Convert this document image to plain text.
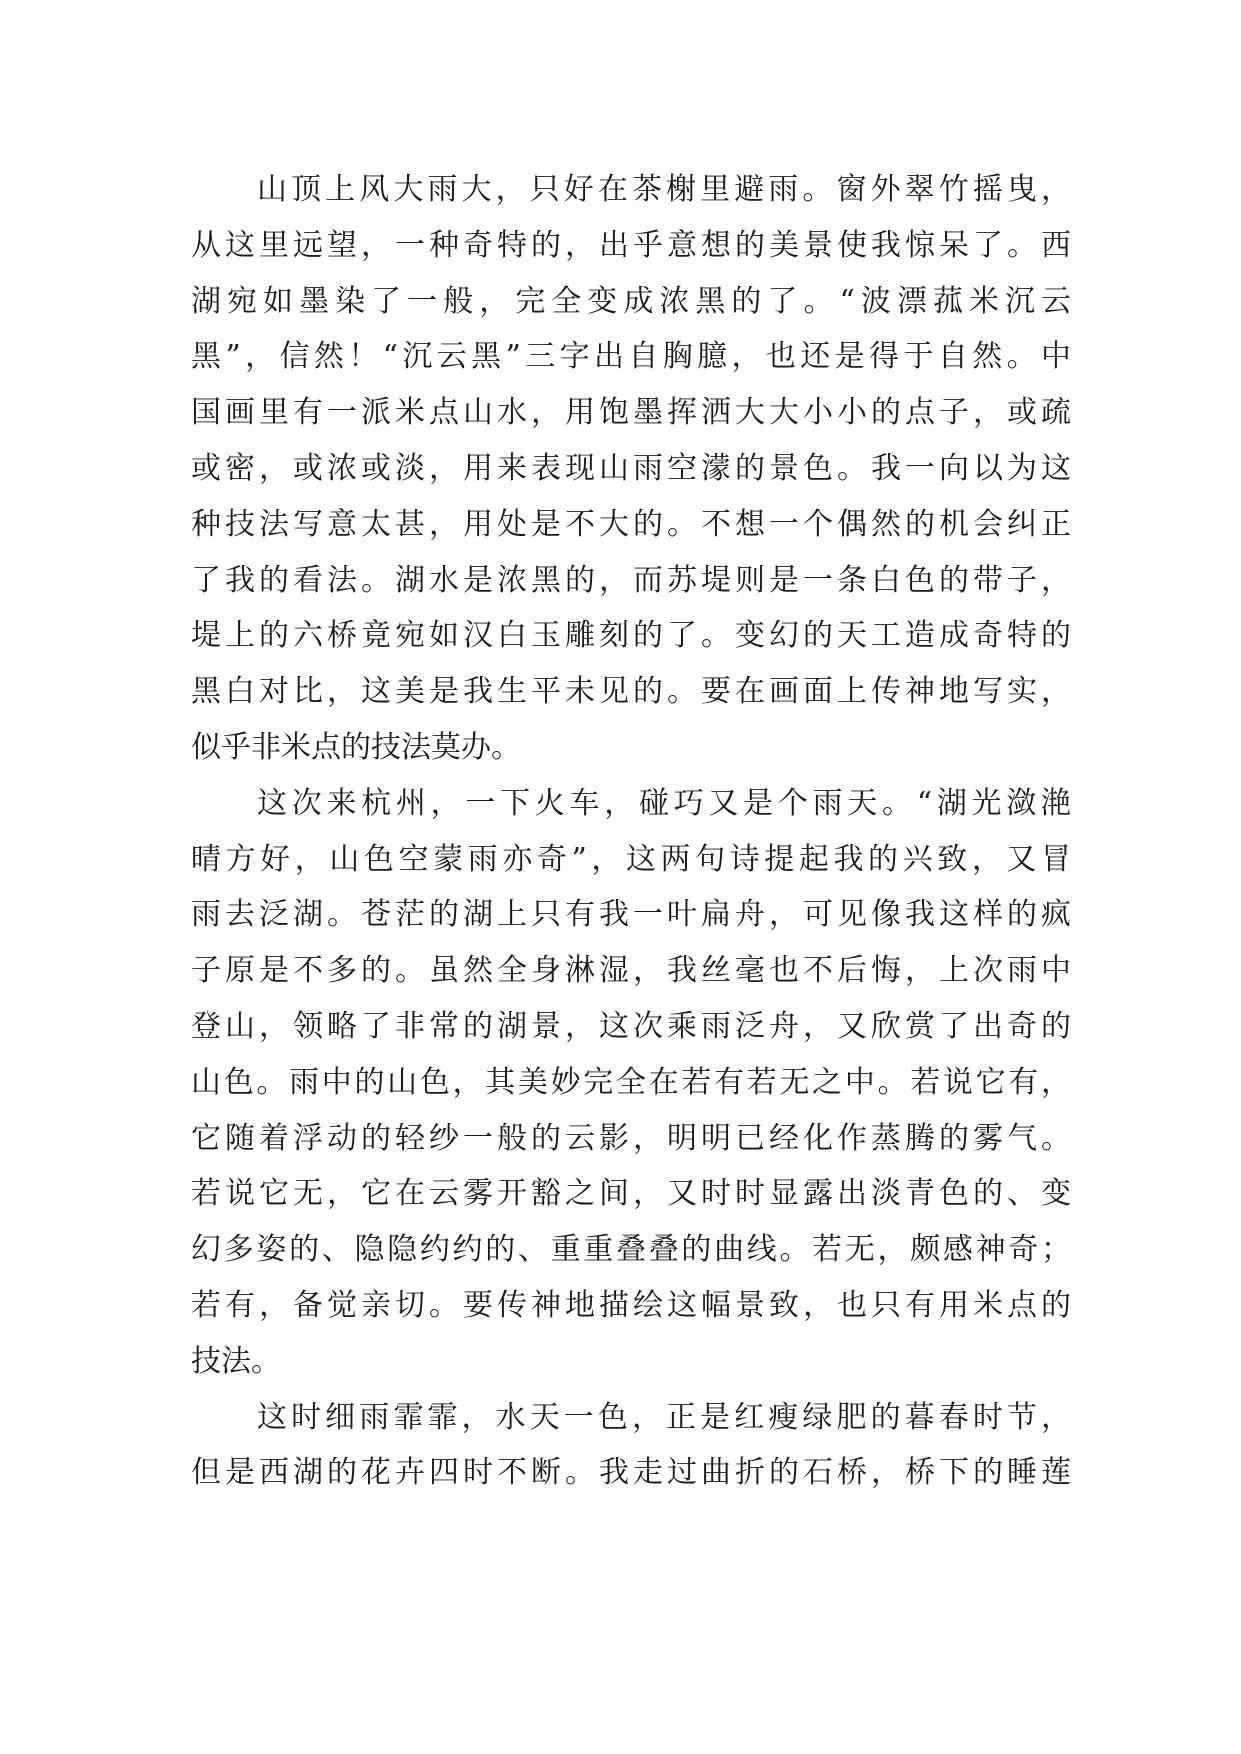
山顶上风大雨大，只好在茶榭里避雨。窗外翠竹摇曳，
从这里远望，一种奇特的，出乎意想的美景使我惊呆了。西
湖宛如墨染了一般，完全变成浓黑的了。“波漂菰米沉云
黑”，信然！“沉云黑”三字出自胸臆，也还是得于自然。中
国画里有一派米点山水，用饱墨挥洒大大小小的点子，或疏
或密，或浓或淡，用来表现山雨空濛的景色。我一向以为这
种技法写意太甚，用处是不大的。不想一个偶然的机会纠正
了我的看法。湖水是浓黑的，而苏堤则是一条白色的带子，
堤上的六桥竟宛如汉白玉雕刻的了。变幻的天工造成奇特的
黑白对比，这美是我生平未见的。要在画面上传神地写实，
似乎非米点的技法莫办。
这次来杭州，一下火车，碰巧又是个雨天。“湖光潋滟
晴方好，山色空蒙雨亦奇”，这两句诗提起我的兴致，又冒
雨去泛湖。苍茫的湖上只有我一叶扁舟，可见像我这样的疯
子原是不多的。虽然全身淋湿，我丝毫也不后悔，上次雨中
登山，领略了非常的湖景，这次乘雨泛舟，又欣赏了出奇的
山色。雨中的山色，其美妙完全在若有若无之中。若说它有，
它随着浮动的轻纱一般的云影，明明已经化作蒸腾的雾气。
若说它无，它在云雾开豁之间，又时时显露出淡青色的、变
幻多姿的、隐隐约约的、重重叠叠的曲线。若无，颇感神奇；
若有，备觉亲切。要传神地描绘这幅景致，也只有用米点的
技法。
这时细雨霏霏，水天一色，正是红瘦绿肥的暮春时节，
但是西湖的花卉四时不断。我走过曲折的石桥，桥下的睡莲
